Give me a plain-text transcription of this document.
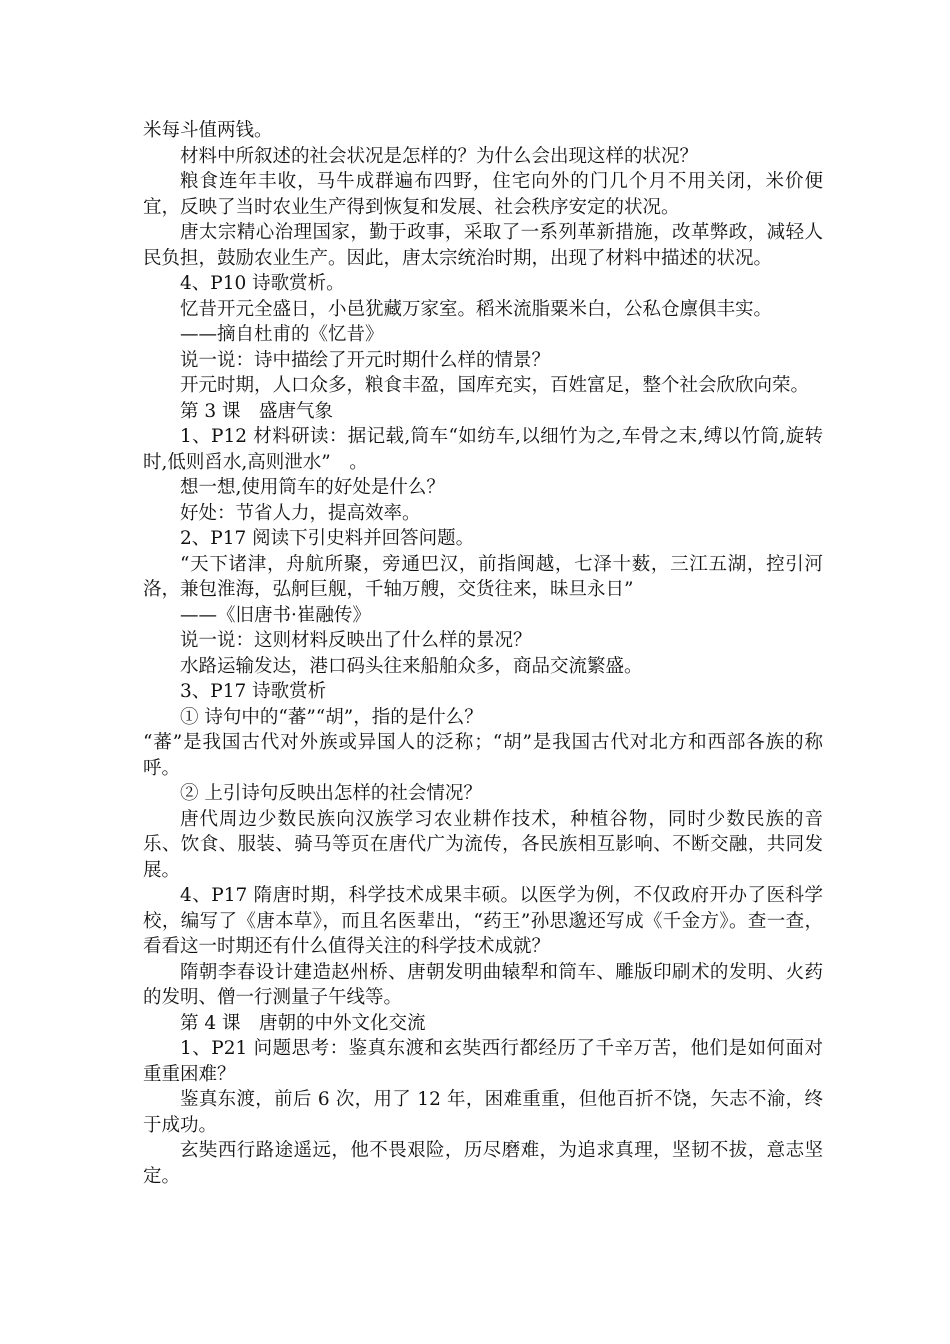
米每斗值两钱。

材料中所叙述的社会状况是怎样的？为什么会出现这样的状况？

粮食连年丰收，马牛成群遍布四野，住宅向外的门几个月不用关闭，米价便宜，反映了当时农业生产得到恢复和发展、社会秩序安定的状况。

唐太宗精心治理国家，勤于政事，采取了一系列革新措施，改革弊政，减轻人民负担，鼓励农业生产。因此，唐太宗统治时期，出现了材料中描述的状况。

4、P10 诗歌赏析。

忆昔开元全盛日，小邑犹藏万家室。稻米流脂粟米白，公私仓廪俱丰实。

——摘自杜甫的《忆昔》

说一说：诗中描绘了开元时期什么样的情景？

开元时期，人口众多，粮食丰盈，国库充实，百姓富足，整个社会欣欣向荣。

第 3 课　盛唐气象

1、P12 材料研读：据记载,筒车“如纺车,以细竹为之,车骨之末,缚以竹筒,旋转时,低则舀水,高则泄水”　。

想一想,使用筒车的好处是什么？

好处：节省人力，提高效率。

2、P17 阅读下引史料并回答问题。

“天下诸津，舟航所聚，旁通巴汉，前指闽越，七泽十薮，三江五湖，控引河洛，兼包淮海，弘舸巨舰，千轴万艘，交货往来，昧旦永日”

——《旧唐书·崔融传》

说一说：这则材料反映出了什么样的景况？

水路运输发达，港口码头往来船舶众多，商品交流繁盛。

3、P17 诗歌赏析

① 诗句中的“蕃”“胡”，指的是什么？

“蕃”是我国古代对外族或异国人的泛称；“胡”是我国古代对北方和西部各族的称呼。

② 上引诗句反映出怎样的社会情况？

唐代周边少数民族向汉族学习农业耕作技术，种植谷物，同时少数民族的音乐、饮食、服装、骑马等页在唐代广为流传，各民族相互影响、不断交融，共同发展。

4、P17 隋唐时期，科学技术成果丰硕。以医学为例，不仅政府开办了医科学校，编写了《唐本草》，而且名医辈出，“药王”孙思邈还写成《千金方》。查一查，看看这一时期还有什么值得关注的科学技术成就？

隋朝李春设计建造赵州桥、唐朝发明曲辕犁和筒车、雕版印刷术的发明、火药的发明、僧一行测量子午线等。

第 4 课　唐朝的中外文化交流

1、P21 问题思考：鉴真东渡和玄奘西行都经历了千辛万苦，他们是如何面对重重困难？

鉴真东渡，前后 6 次，用了 12 年，困难重重，但他百折不饶，矢志不渝，终于成功。

玄奘西行路途遥远，他不畏艰险，历尽磨难，为追求真理，坚韧不拔，意志坚定。
